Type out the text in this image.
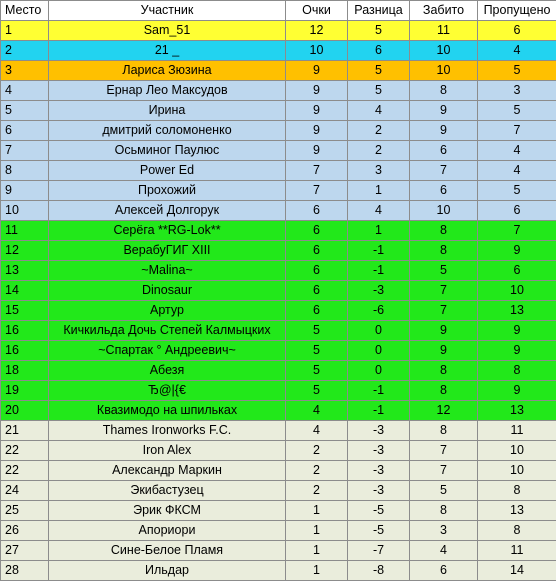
Место	Участник	Очки	Разница	Забито	Пропущено
1	Sam_51	12	5	11	6
2	21 _	10	6	10	4
3	Лариса Зюзина	9	5	10	5
4	Ернар Лео Максудов	9	5	8	3
5	Ирина	9	4	9	5
6	дмитрий соломоненко	9	2	9	7
7	Осьминог Паулюс	9	2	6	4
8	Power Ed	7	3	7	4
9	Прохожий	7	1	6	5
10	Алексей Долгорук	6	4	10	6
11	Серёга **RG-Lok**	6	1	8	7
12	ВерабуГИГ XIII	6	-1	8	9
13	~Malina~	6	-1	5	6
14	Dinosaur	6	-3	7	10
15	Артур	6	-6	7	13
16	Кичкильда Дочь Степей Калмыцких	5	0	9	9
16	~Спартак ° Андреевич~	5	0	9	9
18	Абезя	5	0	8	8
19	Ђ@|{€	5	-1	8	9
20	Квазимодо на шпильках	4	-1	12	13
21	Thames Ironworks F.C.	4	-3	8	11
22	Iron Alex	2	-3	7	10
22	Александр Маркин	2	-3	7	10
24	Экибастузец	2	-3	5	8
25	Эрик ФКСМ	1	-5	8	13
26	Апориори	1	-5	3	8
27	Сине-Белое Пламя	1	-7	4	11
28	Ильдар	1	-8	6	14
